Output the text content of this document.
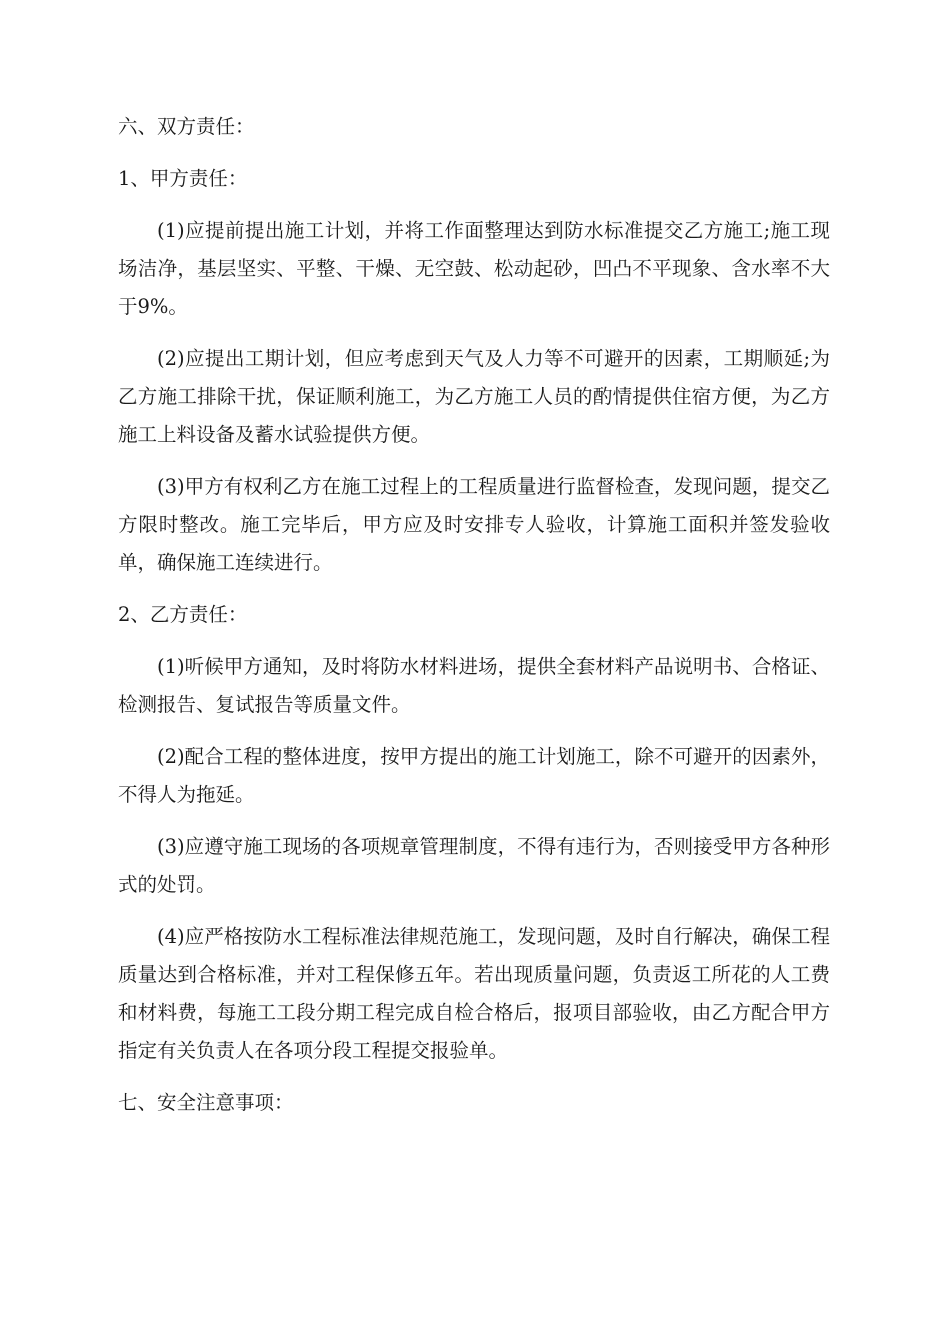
六、双方责任：

1、甲方责任：

(1)应提前提出施工计划，并将工作面整理达到防水标准提交乙方施工;施工现场洁净，基层坚实、平整、干燥、无空鼓、松动起砂，凹凸不平现象、含水率不大于9%。

(2)应提出工期计划，但应考虑到天气及人力等不可避开的因素，工期顺延;为乙方施工排除干扰，保证顺利施工，为乙方施工人员的酌情提供住宿方便，为乙方施工上料设备及蓄水试验提供方便。

(3)甲方有权利乙方在施工过程上的工程质量进行监督检查，发现问题，提交乙方限时整改。施工完毕后，甲方应及时安排专人验收，计算施工面积并签发验收单，确保施工连续进行。

2、乙方责任：

(1)听候甲方通知，及时将防水材料进场，提供全套材料产品说明书、合格证、检测报告、复试报告等质量文件。

(2)配合工程的整体进度，按甲方提出的施工计划施工，除不可避开的因素外，不得人为拖延。

(3)应遵守施工现场的各项规章管理制度，不得有违行为，否则接受甲方各种形式的处罚。

(4)应严格按防水工程标准法律规范施工，发现问题，及时自行解决，确保工程质量达到合格标准，并对工程保修五年。若出现质量问题，负责返工所花的人工费和材料费，每施工工段分期工程完成自检合格后，报项目部验收，由乙方配合甲方指定有关负责人在各项分段工程提交报验单。

七、安全注意事项：
